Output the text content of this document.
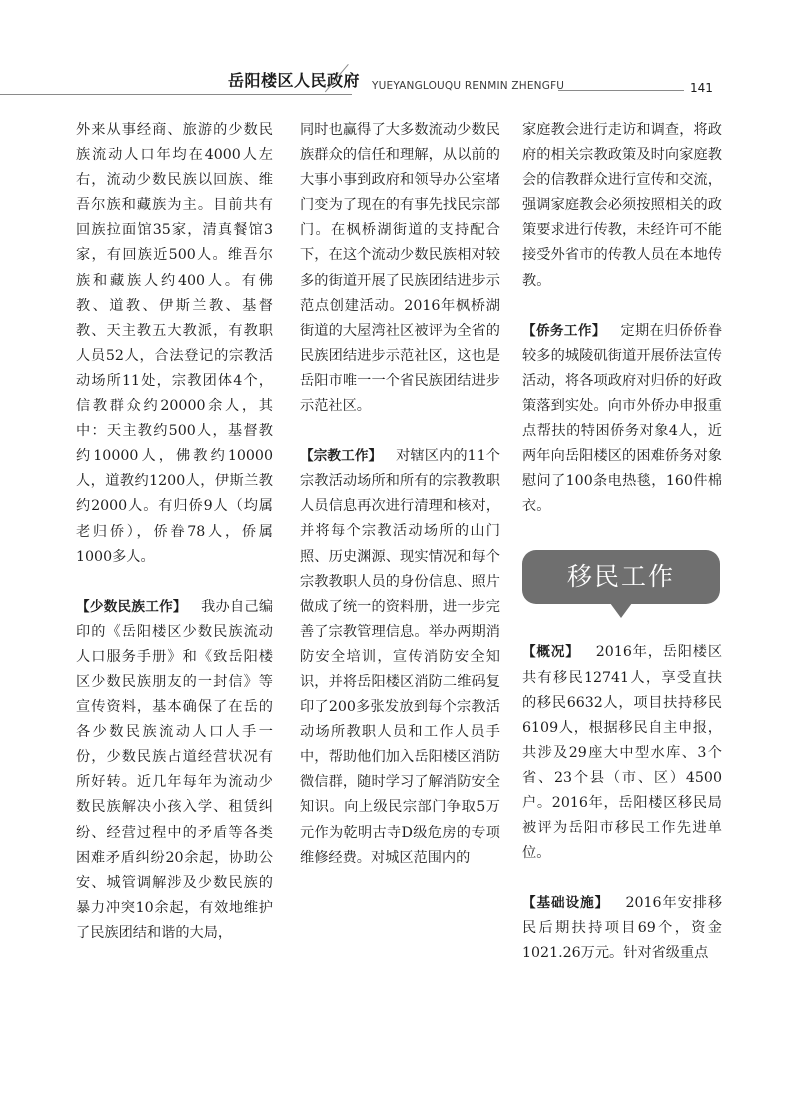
岳阳楼区人民政府 YUEYANGLOUQU RENMIN ZHENGFU	141

外来从事经商、旅游的少数民族流动人口年均在4000人左右，流动少数民族以回族、维吾尔族和藏族为主。目前共有回族拉面馆35家，清真餐馆3家，有回族近500人。维吾尔族和藏族人约400人。有佛教、道教、伊斯兰教、基督教、天主教五大教派，有教职人员52人，合法登记的宗教活动场所11处，宗教团体4个，信教群众约20000余人，其中：天主教约500人，基督教约10000人，佛教约10000人，道教约1200人，伊斯兰教约2000人。有归侨9人（均属老归侨），侨眷78人，侨属1000多人。

【少数民族工作】 我办自己编印的《岳阳楼区少数民族流动人口服务手册》和《致岳阳楼区少数民族朋友的一封信》等宣传资料，基本确保了在岳的各少数民族流动人口人手一份，少数民族占道经营状况有所好转。近几年每年为流动少数民族解决小孩入学、租赁纠纷、经营过程中的矛盾等各类困难矛盾纠纷20余起，协助公安、城管调解涉及少数民族的暴力冲突10余起，有效地维护了民族团结和谐的大局，

同时也赢得了大多数流动少数民族群众的信任和理解，从以前的大事小事到政府和领导办公室堵门变为了现在的有事先找民宗部门。在枫桥湖街道的支持配合下，在这个流动少数民族相对较多的街道开展了民族团结进步示范点创建活动。2016年枫桥湖街道的大屋湾社区被评为全省的民族团结进步示范社区，这也是岳阳市唯一一个省民族团结进步示范社区。

【宗教工作】 对辖区内的11个宗教活动场所和所有的宗教教职人员信息再次进行清理和核对，并将每个宗教活动场所的山门照、历史渊源、现实情况和每个宗教教职人员的身份信息、照片做成了统一的资料册，进一步完善了宗教管理信息。举办两期消防安全培训，宣传消防安全知识，并将岳阳楼区消防二维码复印了200多张发放到每个宗教活动场所教职人员和工作人员手中，帮助他们加入岳阳楼区消防微信群，随时学习了解消防安全知识。向上级民宗部门争取5万元作为乾明古寺D级危房的专项维修经费。对城区范围内的

家庭教会进行走访和调查，将政府的相关宗教政策及时向家庭教会的信教群众进行宣传和交流，强调家庭教会必须按照相关的政策要求进行传教，未经许可不能接受外省市的传教人员在本地传教。

【侨务工作】 定期在归侨侨眷较多的城陵矶街道开展侨法宣传活动，将各项政府对归侨的好政策落到实处。向市外侨办申报重点帮扶的特困侨务对象4人，近两年向岳阳楼区的困难侨务对象慰问了100条电热毯，160件棉衣。

移民工作

【概况】 2016年，岳阳楼区共有移民12741人，享受直扶的移民6632人，项目扶持移民6109人，根据移民自主申报，共涉及29座大中型水库、3个省、23个县（市、区）4500户。2016年，岳阳楼区移民局被评为岳阳市移民工作先进单位。

【基础设施】 2016年安排移民后期扶持项目69个，资金1021.26万元。针对省级重点
